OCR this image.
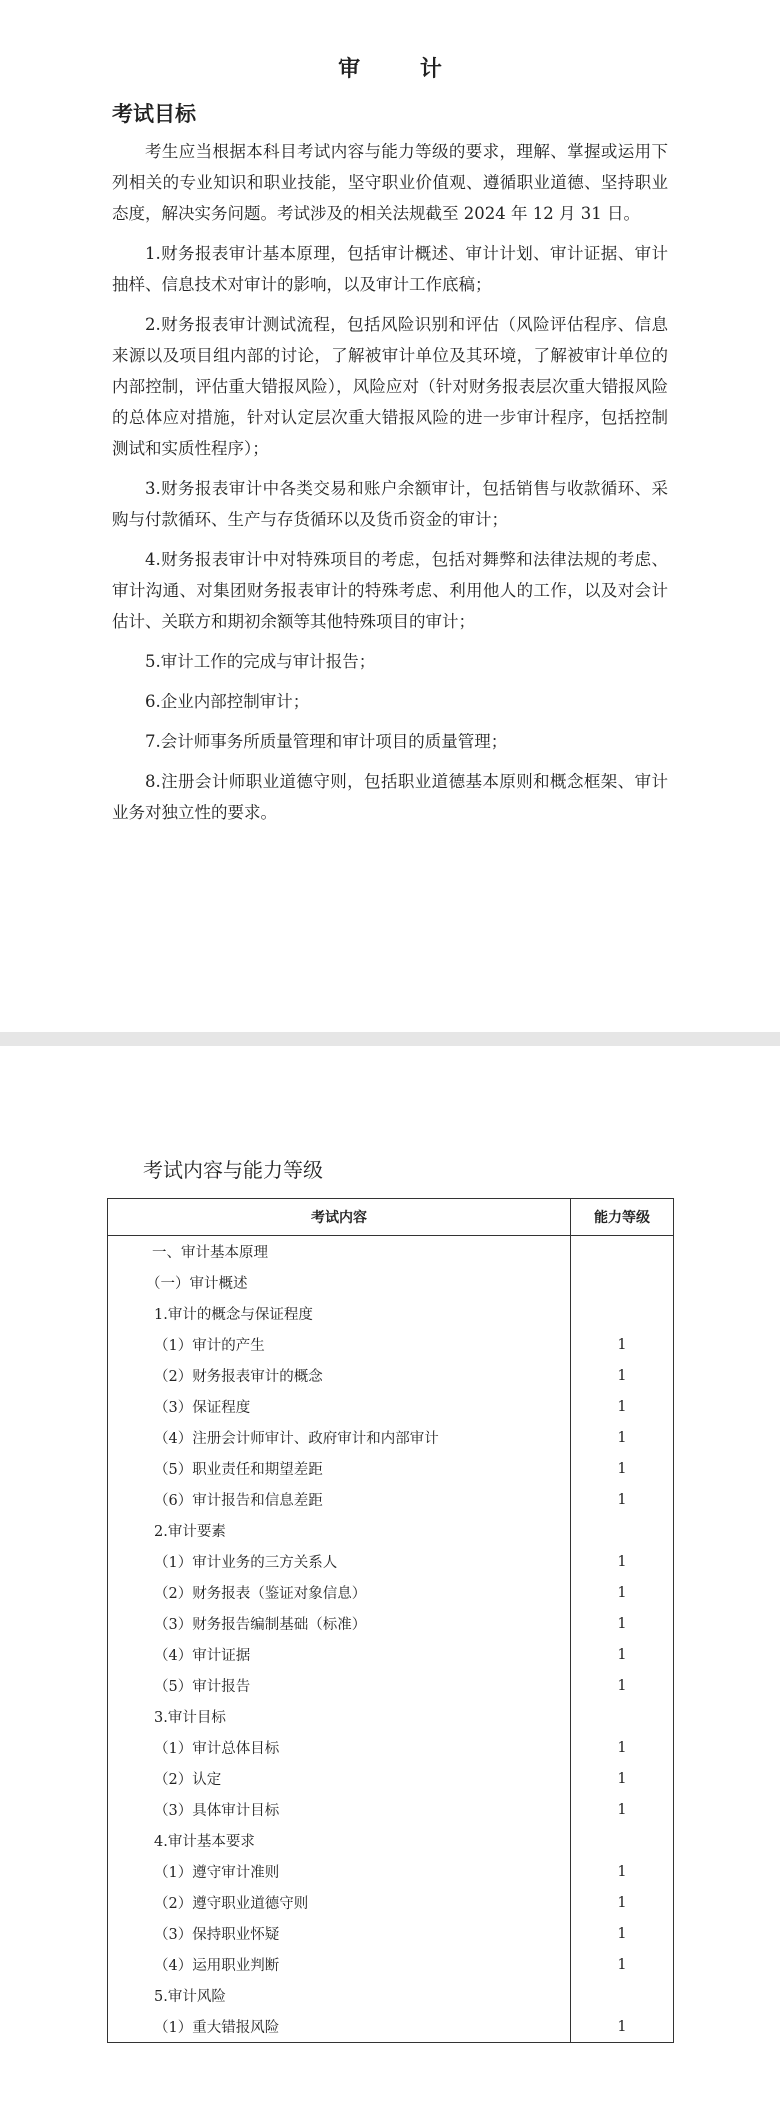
审 计
考试目标

考生应当根据本科目考试内容与能力等级的要求，理解、掌握或运用下列相关的专业知识和职业技能，坚守职业价值观、遵循职业道德、坚持职业态度，解决实务问题。考试涉及的相关法规截至 2024 年 12 月 31 日。

1.财务报表审计基本原理，包括审计概述、审计计划、审计证据、审计抽样、信息技术对审计的影响，以及审计工作底稿；

2.财务报表审计测试流程，包括风险识别和评估（风险评估程序、信息来源以及项目组内部的讨论，了解被审计单位及其环境，了解被审计单位的内部控制，评估重大错报风险），风险应对（针对财务报表层次重大错报风险的总体应对措施，针对认定层次重大错报风险的进一步审计程序，包括控制测试和实质性程序）；

3.财务报表审计中各类交易和账户余额审计，包括销售与收款循环、采购与付款循环、生产与存货循环以及货币资金的审计；

4.财务报表审计中对特殊项目的考虑，包括对舞弊和法律法规的考虑、审计沟通、对集团财务报表审计的特殊考虑、利用他人的工作，以及对会计估计、关联方和期初余额等其他特殊项目的审计；

5.审计工作的完成与审计报告；

6.企业内部控制审计；

7.会计师事务所质量管理和审计项目的质量管理；

8.注册会计师职业道德守则，包括职业道德基本原则和概念框架、审计业务对独立性的要求。

考试内容与能力等级
考试内容	能力等级
一、审计基本原理	
（一）审计概述	
1.审计的概念与保证程度	
（1）审计的产生	1
（2）财务报表审计的概念	1
（3）保证程度	1
（4）注册会计师审计、政府审计和内部审计	1
（5）职业责任和期望差距	1
（6）审计报告和信息差距	1
2.审计要素	
（1）审计业务的三方关系人	1
（2）财务报表（鉴证对象信息）	1
（3）财务报告编制基础（标准）	1
（4）审计证据	1
（5）审计报告	1
3.审计目标	
（1）审计总体目标	1
（2）认定	1
（3）具体审计目标	1
4.审计基本要求	
（1）遵守审计准则	1
（2）遵守职业道德守则	1
（3）保持职业怀疑	1
（4）运用职业判断	1
5.审计风险	
（1）重大错报风险	1
